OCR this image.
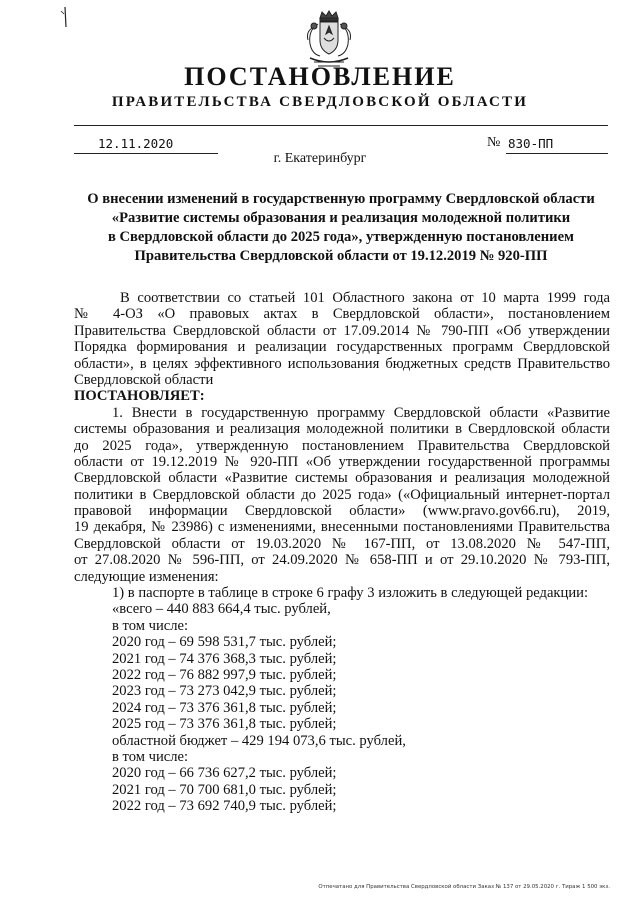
ПОСТАНОВЛЕНИЕ
ПРАВИТЕЛЬСТВА СВЕРДЛОВСКОЙ ОБЛАСТИ
12.11.2020	№ 830-ПП
г. Екатеринбург
О внесении изменений в государственную программу Свердловской области
«Развитие системы образования и реализация молодежной политики
в Свердловской области до 2025 года», утвержденную постановлением
Правительства Свердловской области от 19.12.2019 № 920-ПП
В соответствии со статьей 101 Областного закона от 10 марта 1999 года
№ 4-ОЗ «О правовых актах в Свердловской области», постановлением
Правительства Свердловской области от 17.09.2014 № 790-ПП «Об утверждении
Порядка формирования и реализации государственных программ Свердловской
области», в целях эффективного использования бюджетных средств Правительство
Свердловской области
ПОСТАНОВЛЯЕТ:
1. Внести в государственную программу Свердловской области «Развитие
системы образования и реализация молодежной политики в Свердловской области
до 2025 года», утвержденную постановлением Правительства Свердловской
области от 19.12.2019 № 920-ПП «Об утверждении государственной программы
Свердловской области «Развитие системы образования и реализация молодежной
политики в Свердловской области до 2025 года» («Официальный интернет-портал
правовой информации Свердловской области» (www.pravo.gov66.ru), 2019,
19 декабря, № 23986) с изменениями, внесенными постановлениями Правительства
Свердловской области от 19.03.2020 № 167-ПП, от 13.08.2020 № 547-ПП,
от 27.08.2020 № 596-ПП, от 24.09.2020 № 658-ПП и от 29.10.2020 № 793-ПП,
следующие изменения:
1) в паспорте в таблице в строке 6 графу 3 изложить в следующей редакции:
«всего – 440 883 664,4 тыс. рублей,
в том числе:
2020 год – 69 598 531,7 тыс. рублей;
2021 год – 74 376 368,3 тыс. рублей;
2022 год – 76 882 997,9 тыс. рублей;
2023 год – 73 273 042,9 тыс. рублей;
2024 год – 73 376 361,8 тыс. рублей;
2025 год – 73 376 361,8 тыс. рублей;
областной бюджет – 429 194 073,6 тыс. рублей,
в том числе:
2020 год – 66 736 627,2 тыс. рублей;
2021 год – 70 700 681,0 тыс. рублей;
2022 год – 73 692 740,9 тыс. рублей;
Отпечатано для Правительства Свердловской области Заказ № 137 от 29.05.2020 г. Тираж 1 500 экз.
